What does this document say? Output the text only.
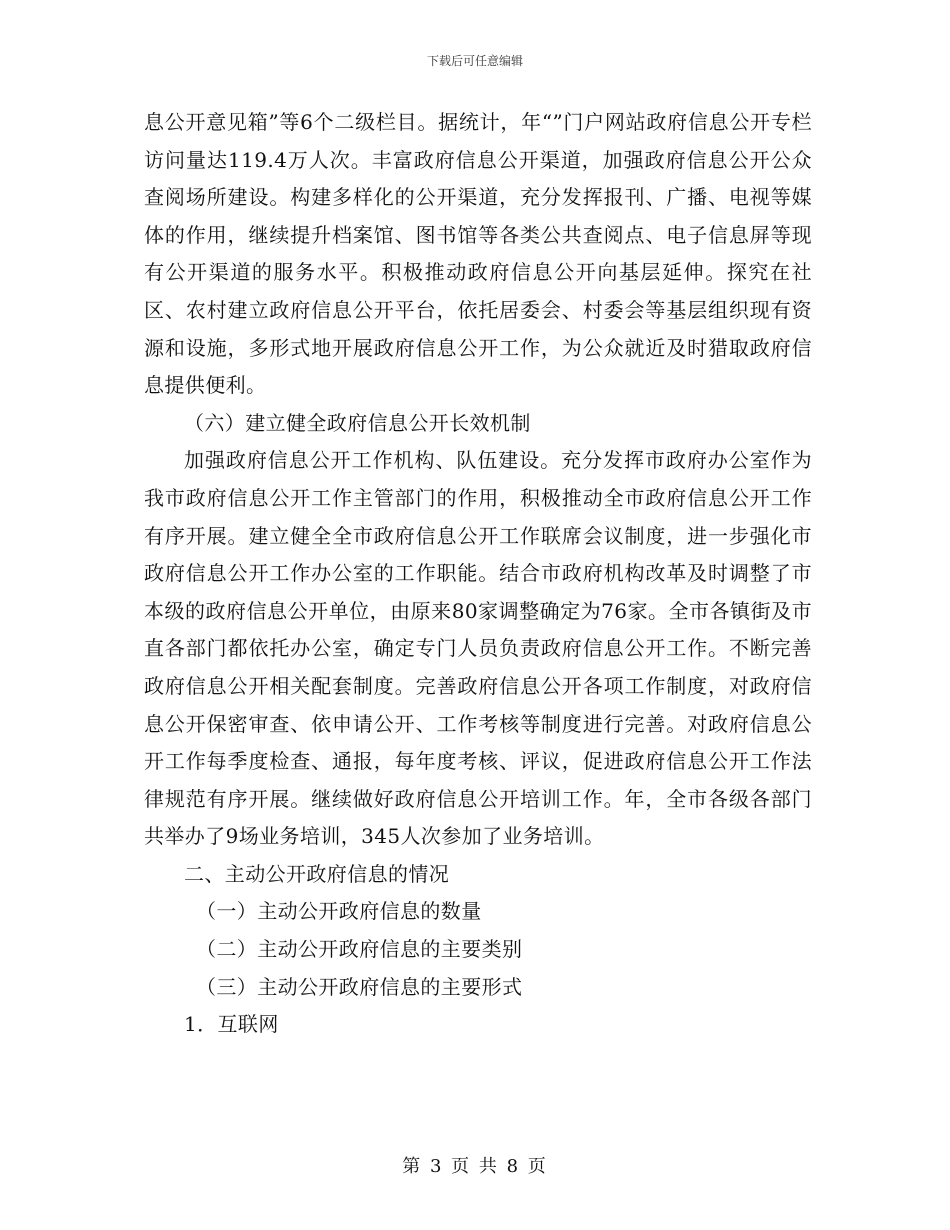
下载后可任意编辑

息公开意见箱”等6个二级栏目。据统计，年“”门户网站政府信息公开专栏访问量达119.4万人次。丰富政府信息公开渠道，加强政府信息公开公众查阅场所建设。构建多样化的公开渠道，充分发挥报刊、广播、电视等媒体的作用，继续提升档案馆、图书馆等各类公共查阅点、电子信息屏等现有公开渠道的服务水平。积极推动政府信息公开向基层延伸。探究在社区、农村建立政府信息公开平台，依托居委会、村委会等基层组织现有资源和设施，多形式地开展政府信息公开工作，为公众就近及时猎取政府信息提供便利。

（六）建立健全政府信息公开长效机制

加强政府信息公开工作机构、队伍建设。充分发挥市政府办公室作为我市政府信息公开工作主管部门的作用，积极推动全市政府信息公开工作有序开展。建立健全全市政府信息公开工作联席会议制度，进一步强化市政府信息公开工作办公室的工作职能。结合市政府机构改革及时调整了市本级的政府信息公开单位，由原来80家调整确定为76家。全市各镇街及市直各部门都依托办公室，确定专门人员负责政府信息公开工作。不断完善政府信息公开相关配套制度。完善政府信息公开各项工作制度，对政府信息公开保密审查、依申请公开、工作考核等制度进行完善。对政府信息公开工作每季度检查、通报，每年度考核、评议，促进政府信息公开工作法律规范有序开展。继续做好政府信息公开培训工作。年，全市各级各部门共举办了9场业务培训，345人次参加了业务培训。

二、主动公开政府信息的情况

（一）主动公开政府信息的数量

（二）主动公开政府信息的主要类别

（三）主动公开政府信息的主要形式

1．互联网

第 3 页 共 8 页
